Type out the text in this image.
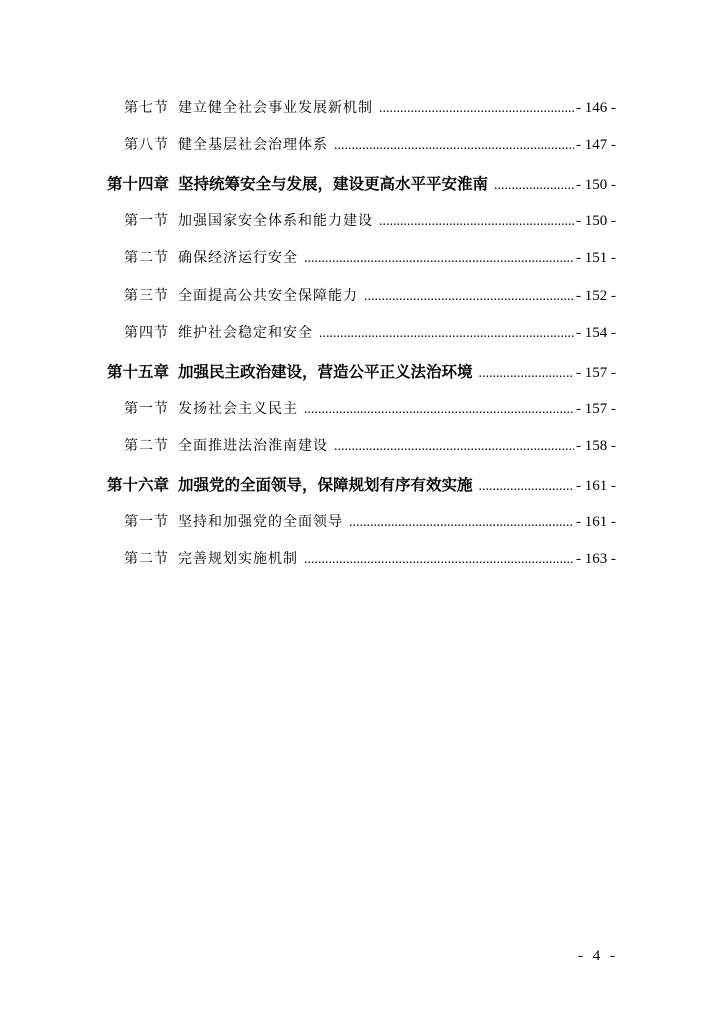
第七节 建立健全社会事业发展新机制 .....	- 146 -
第八节 健全基层社会治理体系 .....	- 147 -
第十四章 坚持统筹安全与发展，建设更高水平平安淮南 .....	- 150 -
第一节 加强国家安全体系和能力建设 .....	- 150 -
第二节 确保经济运行安全 .....	- 151 -
第三节 全面提高公共安全保障能力 .....	- 152 -
第四节 维护社会稳定和安全 .....	- 154 -
第十五章 加强民主政治建设，营造公平正义法治环境 .....	- 157 -
第一节 发扬社会主义民主 .....	- 157 -
第二节 全面推进法治淮南建设 .....	- 158 -
第十六章 加强党的全面领导，保障规划有序有效实施 .....	- 161 -
第一节 坚持和加强党的全面领导 .....	- 161 -
第二节 完善规划实施机制 .....	- 163 -
- 4 -
